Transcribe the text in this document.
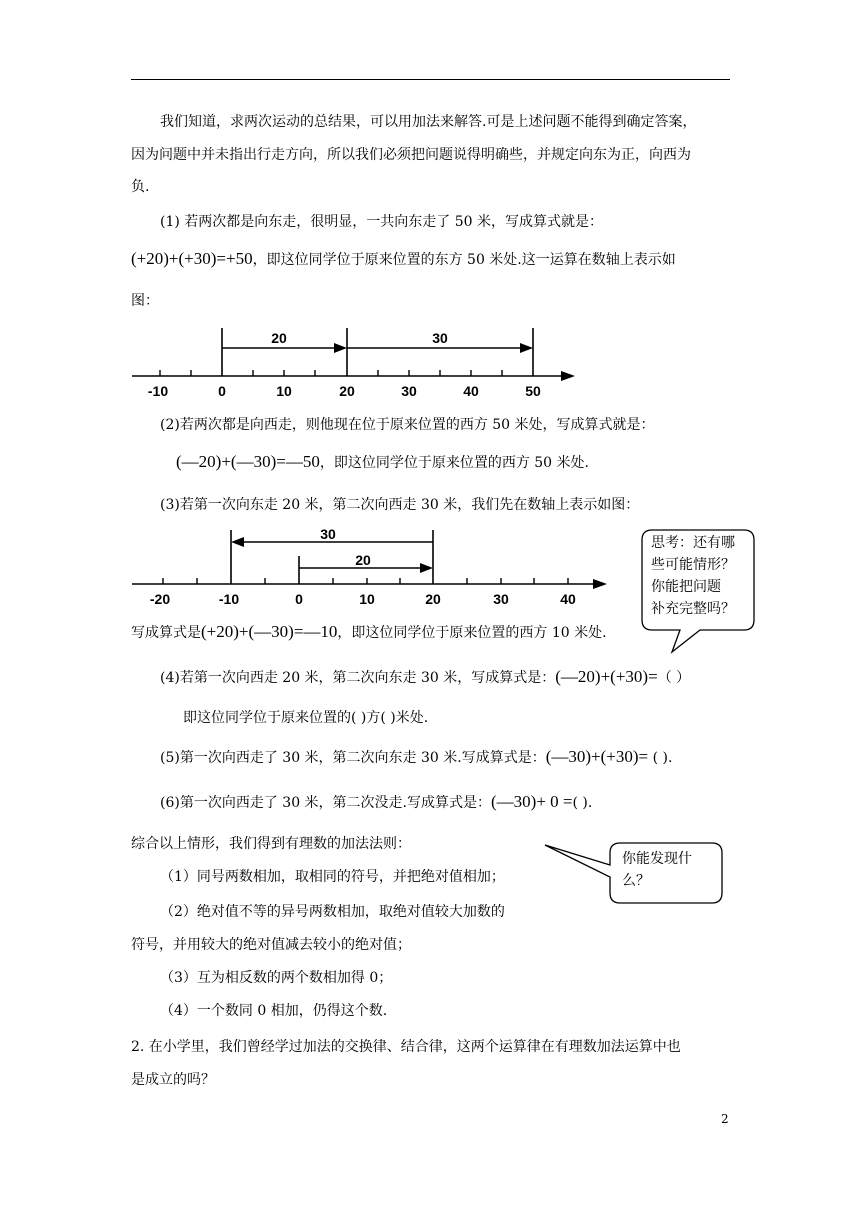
我们知道，求两次运动的总结果，可以用加法来解答.可是上述问题不能得到确定答案，
因为问题中并未指出行走方向，所以我们必须把问题说得明确些，并规定向东为正，向西为
负.
(1) 若两次都是向东走，很明显，一共向东走了 50 米，写成算式就是：
(+20)+(+30)=+50，即这位同学位于原来位置的东方 50 米处.这一运算在数轴上表示如
图：
20	30
-10	0	10	20	30	40	50
(2)若两次都是向西走，则他现在位于原来位置的西方 50 米处，写成算式就是：
(—20)+(—30)=—50，即这位同学位于原来位置的西方 50 米处.
(3)若第一次向东走 20 米，第二次向西走 30 米，我们先在数轴上表示如图：
30
20
-20	-10	0	10	20	30	40
思考：还有哪
些可能情形？
你能把问题
补充完整吗？
写成算式是(+20)+(—30)=—10，即这位同学位于原来位置的西方 10 米处.
(4)若第一次向西走 20 米，第二次向东走 30 米，写成算式是：(—20)+(+30)=（ ）
即这位同学位于原来位置的( )方( )米处.
(5)第一次向西走了 30 米，第二次向东走 30 米.写成算式是：(—30)+(+30)= ( ).
(6)第一次向西走了 30 米，第二次没走.写成算式是：(—30)+ 0 =( ).
综合以上情形，我们得到有理数的加法法则：
（1）同号两数相加，取相同的符号，并把绝对值相加；
（2）绝对值不等的异号两数相加，取绝对值较大加数的
符号，并用较大的绝对值减去较小的绝对值；
（3）互为相反数的两个数相加得 0；
（4）一个数同 0 相加，仍得这个数.
你能发现什
么？
2. 在小学里，我们曾经学过加法的交换律、结合律，这两个运算律在有理数加法运算中也
是成立的吗？
2
